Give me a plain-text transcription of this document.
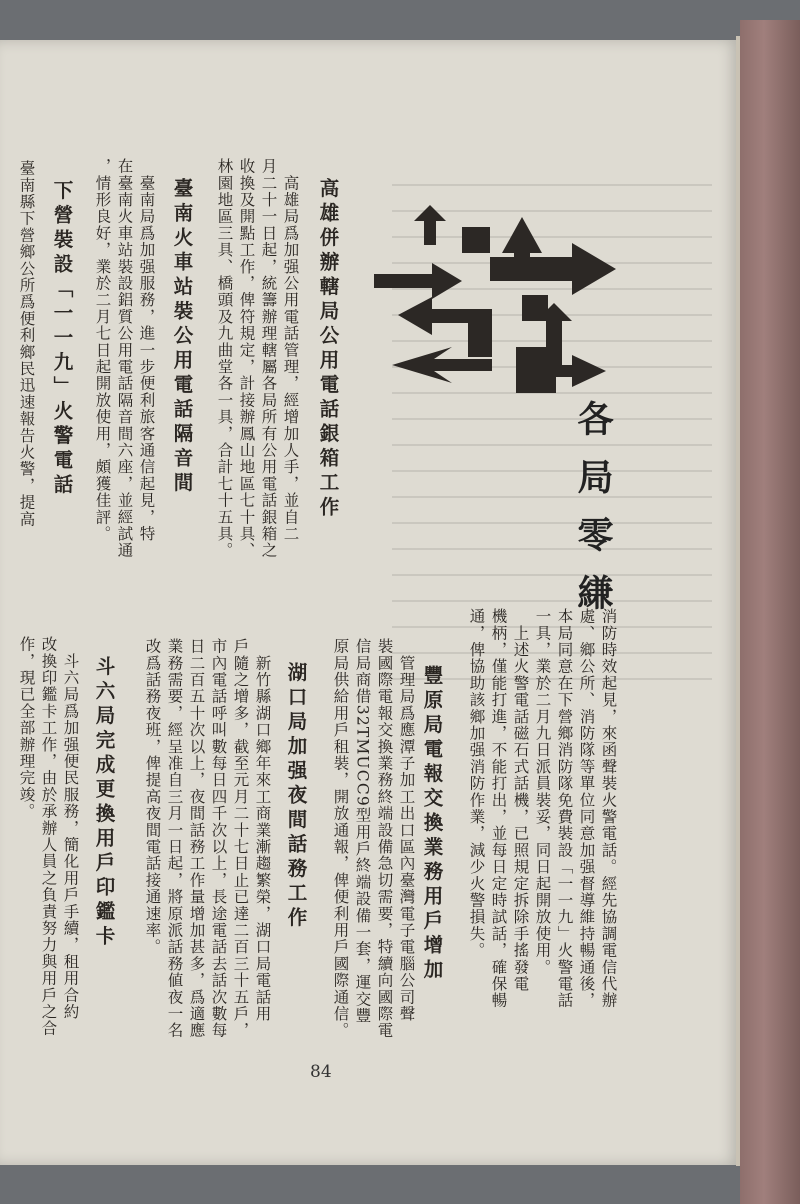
各局零縑
消防時效起見，來函聲裝火警電話。經先協調電信代辦
處、鄉公所、消防隊等單位同意加强督導維持暢通後，
本局同意在下營鄉消防隊免費裝設「一一九」火警電話
一具，業於二月九日派員裝妥，同日起開放使用。
　上述火警電話磁石式話機，已照規定拆除手搖發電
機柄，僅能打進，不能打出，並每日定時試話，確保暢
通，俾協助該鄉加强消防作業，減少火警損失。
豐原局電報交換業務用戶增加
　管理局爲應潭子加工出口區內臺灣電子電腦公司聲
裝國際電報交換業務終端設備急切需要，特續向國際電
信局商借32TMUCC9型用戶終端設備一套，運交豐
原局供給用戶租裝，開放通報，俾便利用戶國際通信。
湖口局加强夜間話務工作
　新竹縣湖口鄉年來工商業漸趨繁榮，湖口局電話用
戶隨之增多，截至元月二十七日止已達二百三十五戶，
市內電話呼叫數每日四千次以上，長途電話去話次數每
日二百五十次以上，夜間話務工作量增加甚多，爲適應
業務需要，經呈准自三月一日起，將原派話務値夜一名
改爲話務夜班，俾提高夜間電話接通速率。
斗六局完成更換用戶印鑑卡
　斗六局爲加强便民服務，簡化用戶手續，租用合約
改換印鑑卡工作，由於承辦人員之負責努力與用戶之合
作，現已全部辦理完竣。
高雄併辦轄局公用電話銀箱工作
　高雄局爲加强公用電話管理，經增加人手，並自二
月二十一日起，統籌辦理轄屬各局所有公用電話銀箱之
收換及開點工作，俾符規定，計接辦鳳山地區七十具、
林園地區三具、橋頭及九曲堂各一具，合計七十五具。
臺南火車站裝公用電話隔音間
　臺南局爲加强服務，進一步便利旅客通信起見，特
在臺南火車站裝設鋁質公用電話隔音間六座，並經試通
，情形良好，業於二月七日起開放使用，頗獲佳評。
下營裝設「一一九」火警電話
臺南縣下營鄉公所爲便利鄉民迅速報告火警，提高
84
